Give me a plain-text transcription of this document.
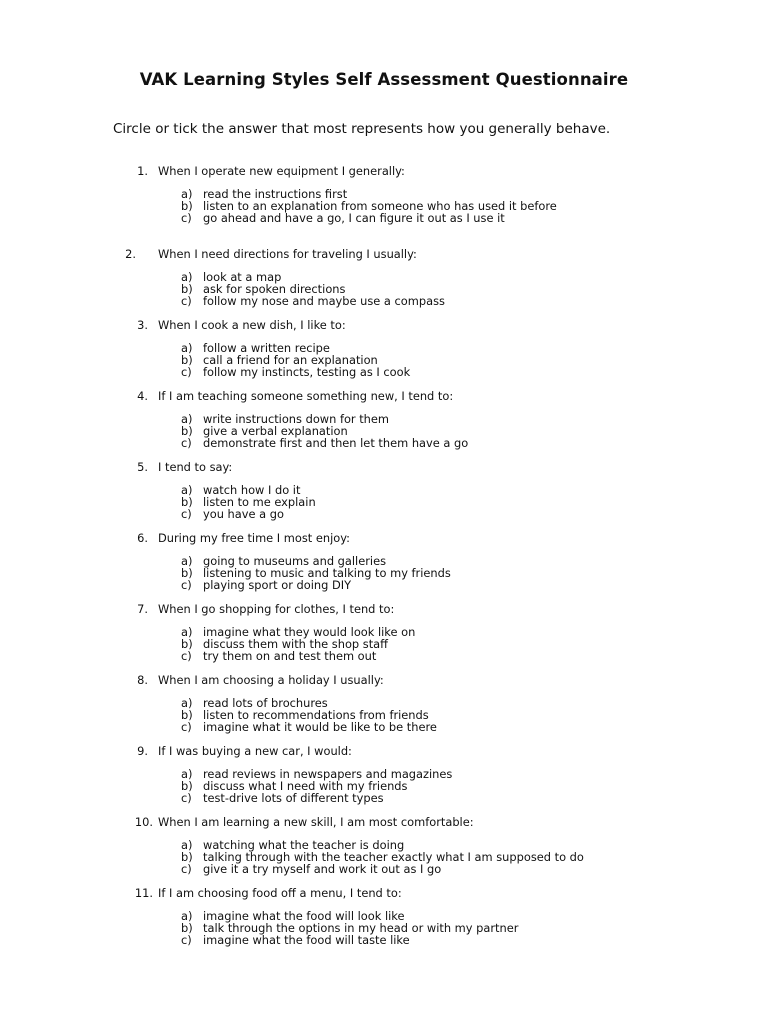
VAK Learning Styles Self Assessment Questionnaire
Circle or tick the answer that most represents how you generally behave.
1. When I operate new equipment I generally:
a) read the instructions first
b) listen to an explanation from someone who has used it before
c) go ahead and have a go, I can figure it out as I use it
2. When I need directions for traveling I usually:
a) look at a map
b) ask for spoken directions
c) follow my nose and maybe use a compass
3. When I cook a new dish, I like to:
a) follow a written recipe
b) call a friend for an explanation
c) follow my instincts, testing as I cook
4. If I am teaching someone something new, I tend to:
a) write instructions down for them
b) give a verbal explanation
c) demonstrate first and then let them have a go
5. I tend to say:
a) watch how I do it
b) listen to me explain
c) you have a go
6. During my free time I most enjoy:
a) going to museums and galleries
b) listening to music and talking to my friends
c) playing sport or doing DIY
7. When I go shopping for clothes, I tend to:
a) imagine what they would look like on
b) discuss them with the shop staff
c) try them on and test them out
8. When I am choosing a holiday I usually:
a) read lots of brochures
b) listen to recommendations from friends
c) imagine what it would be like to be there
9. If I was buying a new car, I would:
a) read reviews in newspapers and magazines
b) discuss what I need with my friends
c) test-drive lots of different types
10. When I am learning a new skill, I am most comfortable:
a) watching what the teacher is doing
b) talking through with the teacher exactly what I am supposed to do
c) give it a try myself and work it out as I go
11. If I am choosing food off a menu, I tend to:
a) imagine what the food will look like
b) talk through the options in my head or with my partner
c) imagine what the food will taste like
